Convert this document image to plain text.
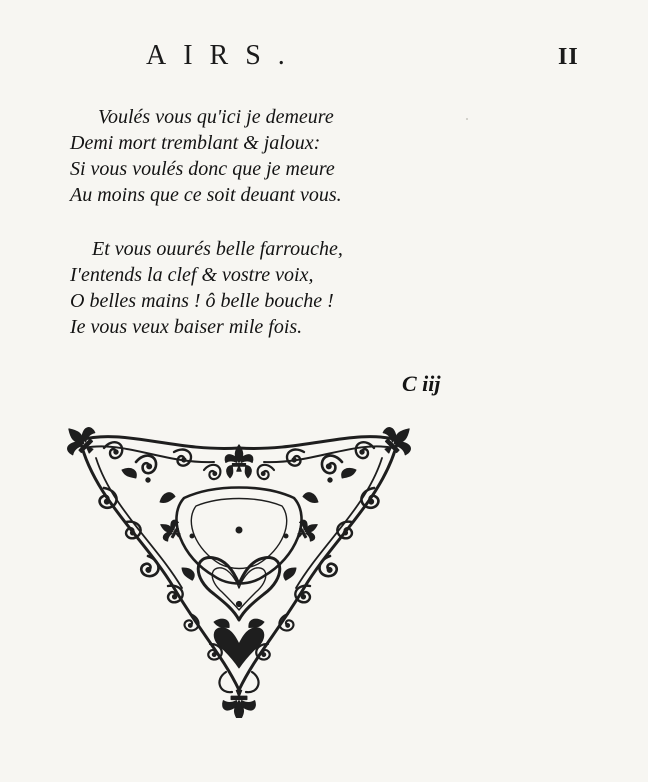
AIRS.	II
Voulés vous qu'ici je demeure
Demi mort tremblant & jaloux:
Si vous voulés donc que je meure
Au moins que ce soit deuant vous.
Et vous ouurés belle farrouche,
I'entends la clef & vostre voix,
O belles mains ! ô belle bouche !
Ie vous veux baiser mile fois.
C iij
